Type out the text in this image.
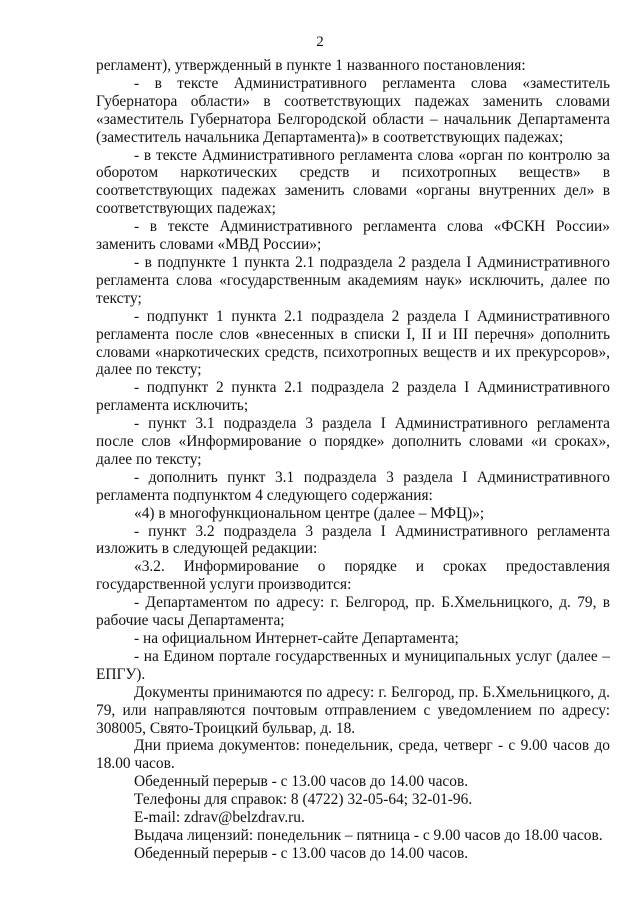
2

регламент), утвержденный в пункте 1 названного постановления:

- в тексте Административного регламента слова «заместитель Губернатора области» в соответствующих падежах заменить словами «заместитель Губернатора Белгородской области – начальник Департамента (заместитель начальника Департамента)» в соответствующих падежах;

- в тексте Административного регламента слова «орган по контролю за оборотом наркотических средств и психотропных веществ» в соответствующих падежах заменить словами «органы внутренних дел» в соответствующих падежах;

- в тексте Административного регламента слова «ФСКН России» заменить словами «МВД России»;

- в подпункте 1 пункта 2.1 подраздела 2 раздела I Административного регламента слова «государственным академиям наук» исключить, далее по тексту;

- подпункт 1 пункта 2.1 подраздела 2 раздела I Административного регламента после слов «внесенных в списки I, II и III перечня» дополнить словами «наркотических средств, психотропных веществ и их прекурсоров», далее по тексту;

- подпункт 2 пункта 2.1 подраздела 2 раздела I Административного регламента исключить;

- пункт 3.1 подраздела 3 раздела I Административного регламента после слов «Информирование о порядке» дополнить словами «и сроках», далее по тексту;

- дополнить пункт 3.1 подраздела 3 раздела I Административного регламента подпунктом 4 следующего содержания:

«4) в многофункциональном центре (далее – МФЦ)»;

- пункт 3.2 подраздела 3 раздела I Административного регламента изложить в следующей редакции:

«3.2. Информирование о порядке и сроках предоставления государственной услуги производится:

- Департаментом по адресу: г. Белгород, пр. Б.Хмельницкого, д. 79, в рабочие часы Департамента;

- на официальном Интернет-сайте Департамента;

- на Едином портале государственных и муниципальных услуг (далее – ЕПГУ).

Документы принимаются по адресу: г. Белгород, пр. Б.Хмельницкого, д. 79, или направляются почтовым отправлением с уведомлением по адресу: 308005, Свято-Троицкий бульвар, д. 18.

Дни приема документов: понедельник, среда, четверг - с 9.00 часов до 18.00 часов.

Обеденный перерыв - с 13.00 часов до 14.00 часов.

Телефоны для справок: 8 (4722) 32-05-64; 32-01-96.

E-mail: zdrav@belzdrav.ru.

Выдача лицензий: понедельник – пятница - с 9.00 часов до 18.00 часов.

Обеденный перерыв - с 13.00 часов до 14.00 часов.
